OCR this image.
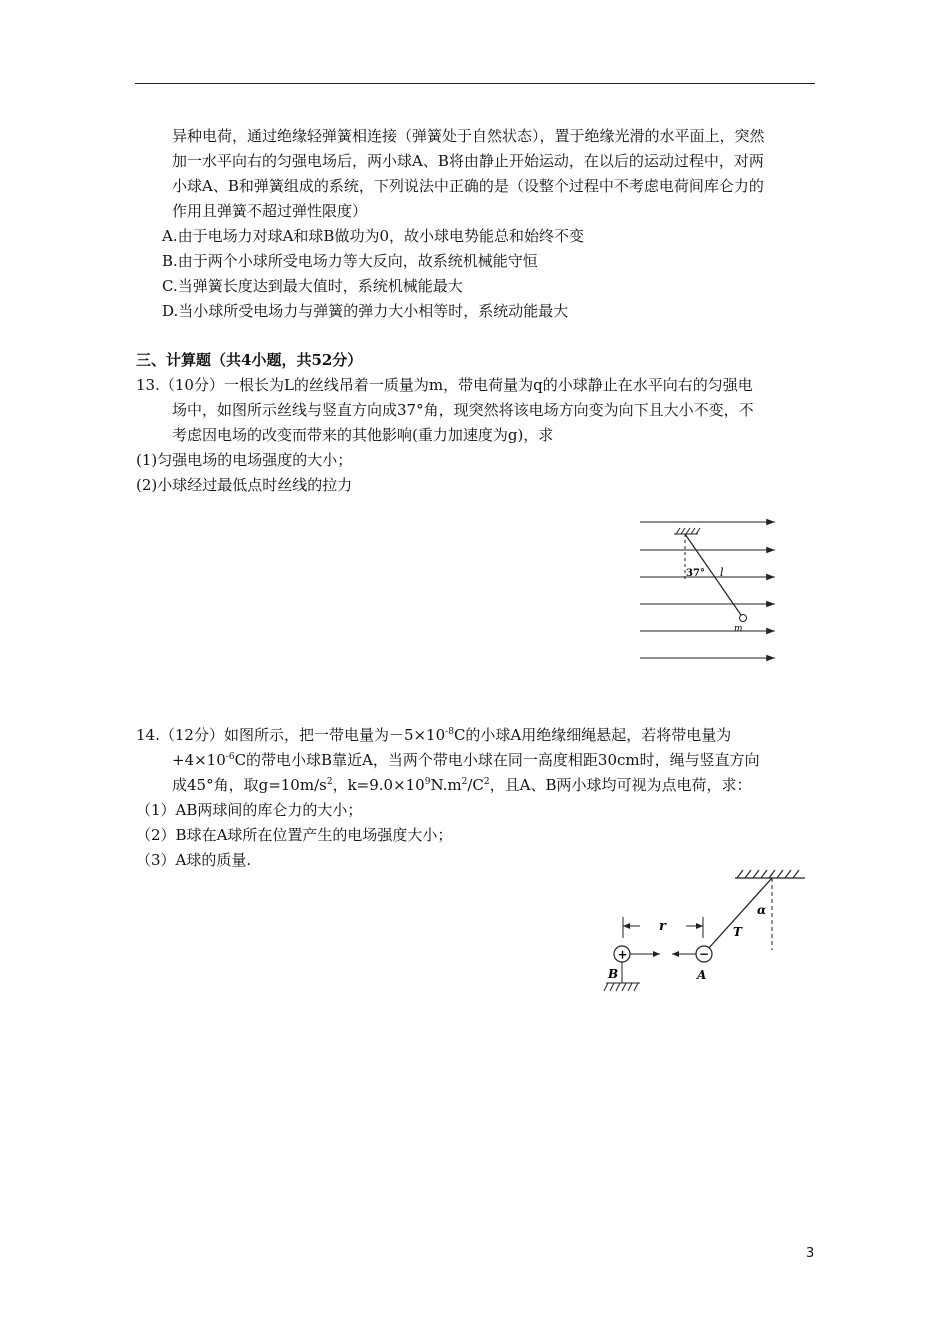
异种电荷，通过绝缘轻弹簧相连接（弹簧处于自然状态），置于绝缘光滑的水平面上，突然
加一水平向右的匀强电场后，两小球A、B将由静止开始运动，在以后的运动过程中，对两
小球A、B和弹簧组成的系统，下列说法中正确的是（设整个过程中不考虑电荷间库仑力的
作用且弹簧不超过弹性限度）
A.由于电场力对球A和球B做功为0，故小球电势能总和始终不变
B.由于两个小球所受电场力等大反向，故系统机械能守恒
C.当弹簧长度达到最大值时，系统机械能最大
D.当小球所受电场力与弹簧的弹力大小相等时，系统动能最大
三、计算题（共4小题，共52分）
13.（10分）一根长为L的丝线吊着一质量为m，带电荷量为q的小球静止在水平向右的匀强电
场中，如图所示丝线与竖直方向成37°角，现突然将该电场方向变为向下且大小不变，不
考虑因电场的改变而带来的其他影响(重力加速度为g)，求
(1)匀强电场的电场强度的大小；
(2)小球经过最低点时丝线的拉力
37° l
m
14.（12分）如图所示，把一带电量为$-5\times 10^{-8}C$的小球A用绝缘细绳悬起，若将带电量为
$+4\times 10^{-6}C$的带电小球B靠近A，当两个带电小球在同一高度相距30cm时，绳与竖直方向
成45°角，取$g=10m/s^2$，$k=9.0\times 10^9N.m^2/C^2$，且A、B两小球均可视为点电荷，求：
（1）AB两球间的库仑力的大小；
（2）B球在A球所在位置产生的电场强度大小；
（3）A球的质量.
α
T
r
+
B
−
A
3
